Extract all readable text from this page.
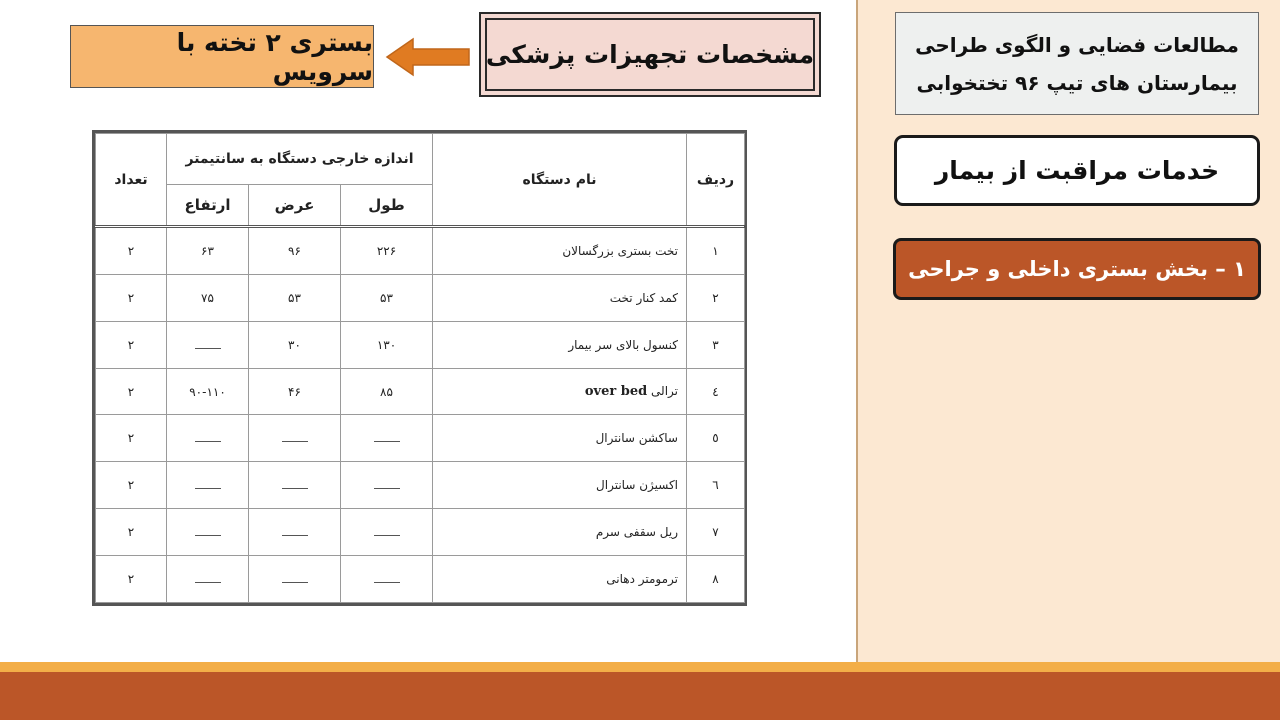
مطالعات فضایی و الگوی طراحی
بیمارستان های تیپ ۹۶ تختخوابی
خدمات مراقبت از بیمار
۱ – بخش بستری داخلی و جراحی
مشخصات تجهیزات پزشکی
بستری ۲ تخته با سرویس
ردیف	نام دستگاه	اندازه خارجی دستگاه به سانتیمتر			تعداد
		طول	عرض	ارتفاع	
۱	تخت بستری بزرگسالان	۲۲۶	۹۶	۶۳	۲
۲	کمد کنار تخت	۵۳	۵۳	۷۵	۲
۳	کنسول بالای سر بیمار	۱۳۰	۳۰		۲
٤	ترالی over bed	۸۵	۴۶	۹۰-۱۱۰	۲
٥	ساکشن سانترال				۲
٦	اکسیژن سانترال				۲
۷	ریل سقفی سرم				۲
۸	ترمومتر دهانی				۲
